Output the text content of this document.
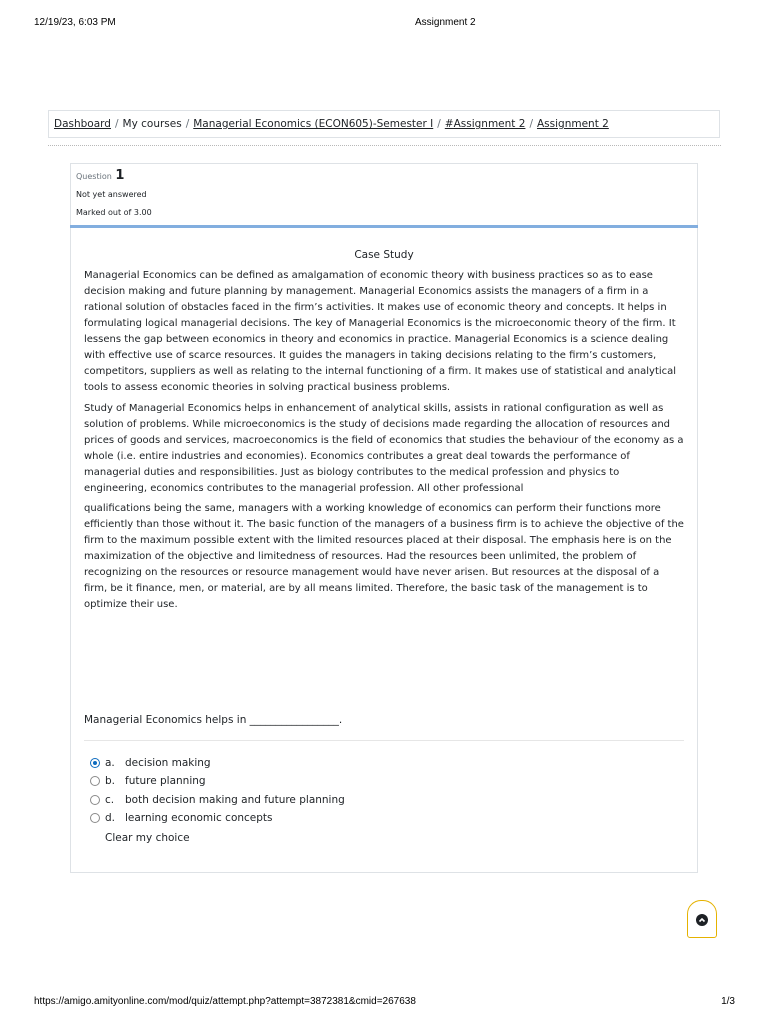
12/19/23, 6:03 PM	Assignment 2
Dashboard / My courses / Managerial Economics (ECON605)-Semester I / #Assignment 2 / Assignment 2
Question 1
Not yet answered
Marked out of 3.00
Case Study

Managerial Economics can be defined as amalgamation of economic theory with business practices so as to ease decision making and future planning by management. Managerial Economics assists the managers of a firm in a rational solution of obstacles faced in the firm’s activities. It makes use of economic theory and concepts. It helps in formulating logical managerial decisions. The key of Managerial Economics is the microeconomic theory of the firm. It lessens the gap between economics in theory and economics in practice. Managerial Economics is a science dealing with effective use of scarce resources. It guides the managers in taking decisions relating to the firm’s customers, competitors, suppliers as well as relating to the internal functioning of a firm. It makes use of statistical and analytical tools to assess economic theories in solving practical business problems.

Study of Managerial Economics helps in enhancement of analytical skills, assists in rational configuration as well as solution of problems. While microeconomics is the study of decisions made regarding the allocation of resources and prices of goods and services, macroeconomics is the field of economics that studies the behaviour of the economy as a whole (i.e. entire industries and economies). Economics contributes a great deal towards the performance of managerial duties and responsibilities. Just as biology contributes to the medical profession and physics to engineering, economics contributes to the managerial profession. All other professional

qualifications being the same, managers with a working knowledge of economics can perform their functions more efficiently than those without it. The basic function of the managers of a business firm is to achieve the objective of the firm to the maximum possible extent with the limited resources placed at their disposal. The emphasis here is on the maximization of the objective and limitedness of resources. Had the resources been unlimited, the problem of recognizing on the resources or resource management would have never arisen. But resources at the disposal of a firm, be it finance, men, or material, are by all means limited. Therefore, the basic task of the management is to optimize their use.

Managerial Economics helps in _________________.
a. decision making
b. future planning
c. both decision making and future planning
d. learning economic concepts
Clear my choice
https://amigo.amityonline.com/mod/quiz/attempt.php?attempt=3872381&cmid=267638	1/3
